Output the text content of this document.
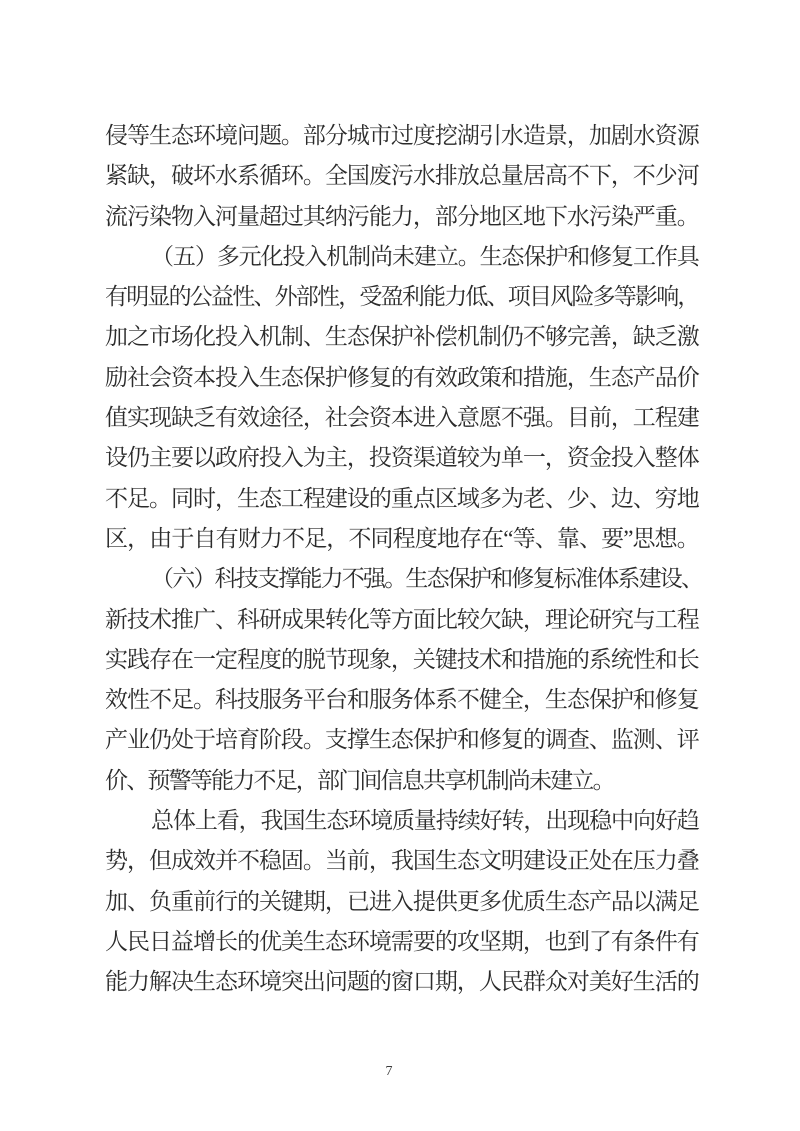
侵等生态环境问题。部分城市过度挖湖引水造景，加剧水资源

紧缺，破坏水系循环。全国废污水排放总量居高不下，不少河

流污染物入河量超过其纳污能力，部分地区地下水污染严重。

（五）多元化投入机制尚未建立。生态保护和修复工作具

有明显的公益性、外部性，受盈利能力低、项目风险多等影响，

加之市场化投入机制、生态保护补偿机制仍不够完善，缺乏激

励社会资本投入生态保护修复的有效政策和措施，生态产品价

值实现缺乏有效途径，社会资本进入意愿不强。目前，工程建

设仍主要以政府投入为主，投资渠道较为单一，资金投入整体

不足。同时，生态工程建设的重点区域多为老、少、边、穷地

区，由于自有财力不足，不同程度地存在“等、靠、要”思想。

（六）科技支撑能力不强。生态保护和修复标准体系建设、

新技术推广、科研成果转化等方面比较欠缺，理论研究与工程

实践存在一定程度的脱节现象，关键技术和措施的系统性和长

效性不足。科技服务平台和服务体系不健全，生态保护和修复

产业仍处于培育阶段。支撑生态保护和修复的调查、监测、评

价、预警等能力不足，部门间信息共享机制尚未建立。

总体上看，我国生态环境质量持续好转，出现稳中向好趋

势，但成效并不稳固。当前，我国生态文明建设正处在压力叠

加、负重前行的关键期，已进入提供更多优质生态产品以满足

人民日益增长的优美生态环境需要的攻坚期，也到了有条件有

能力解决生态环境突出问题的窗口期，人民群众对美好生活的

7
